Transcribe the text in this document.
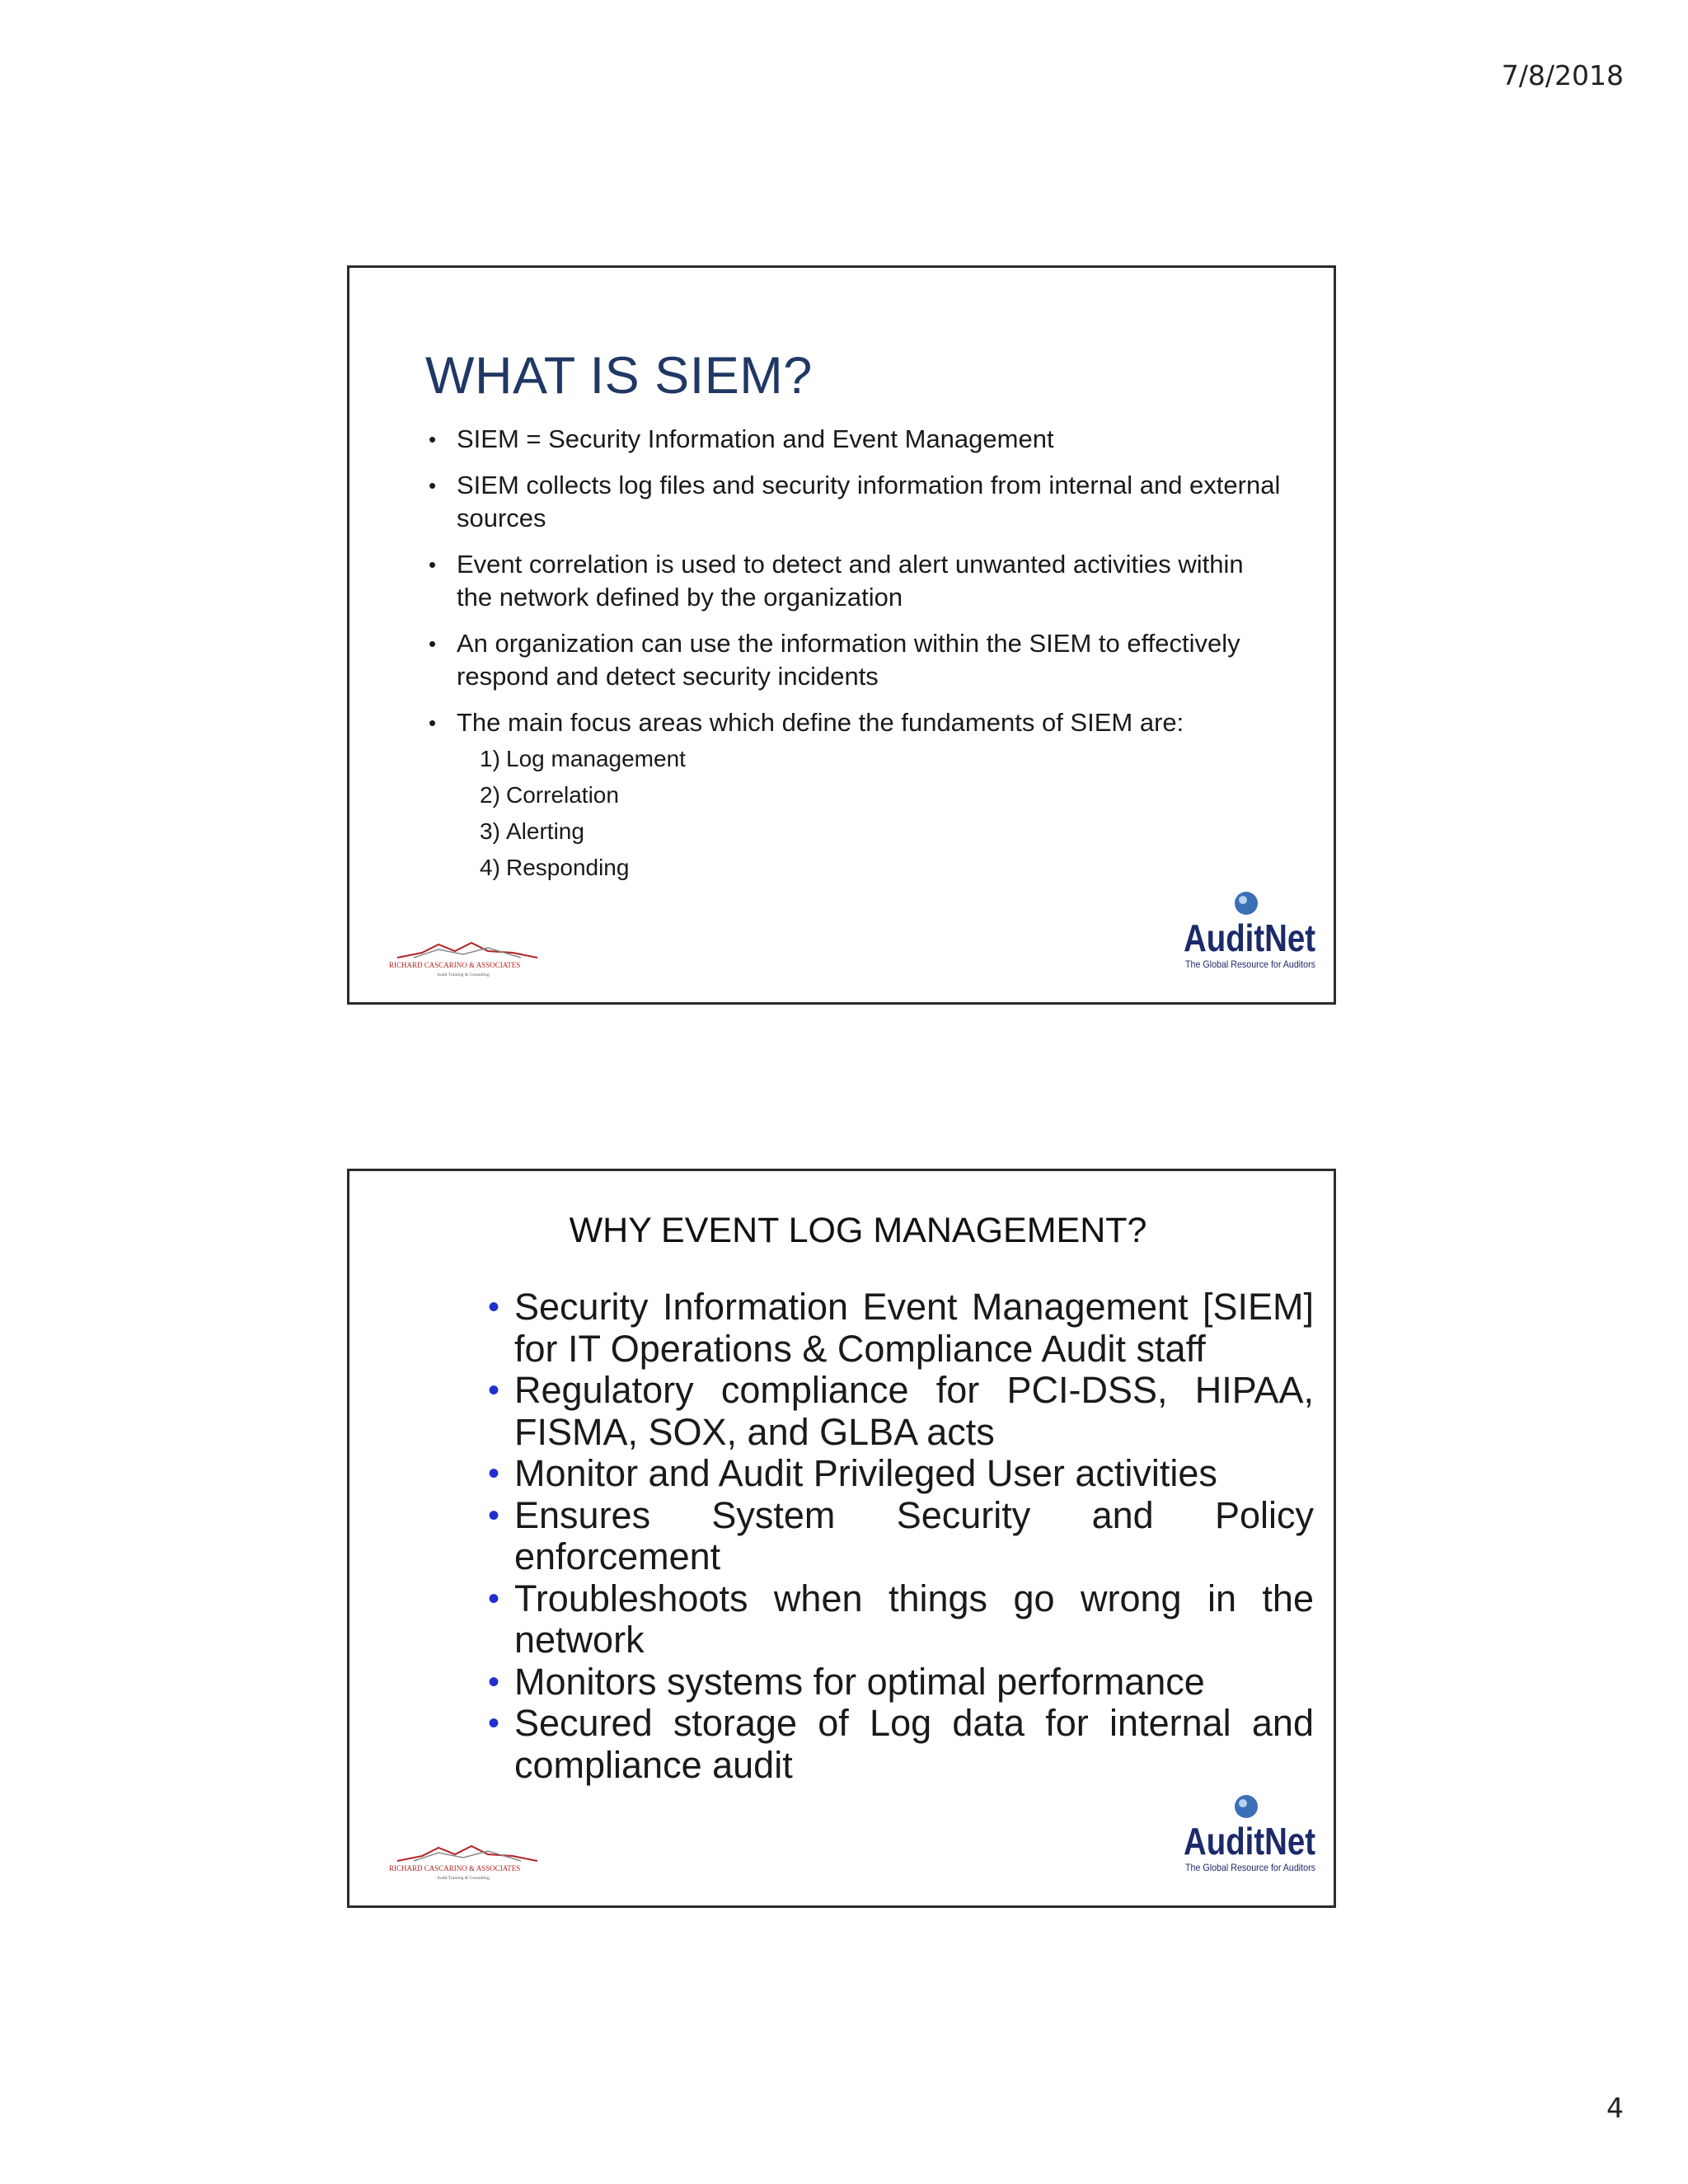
7/8/2018
WHAT IS SIEM?
• SIEM = Security Information and Event Management
• SIEM collects log files and security information from internal and external sources
• Event correlation is used to detect and alert unwanted activities within the network defined by the organization
• An organization can use the information within the SIEM to effectively respond and detect security incidents
• The main focus areas which define the fundaments of SIEM are:
1) Log management
2) Correlation
3) Alerting
4) Responding
RICHARD CASCARINO & ASSOCIATES
Audit Training & Consulting
AuditNet
The Global Resource for Auditors
WHY EVENT LOG MANAGEMENT?
• Security Information Event Management [SIEM] for IT Operations & Compliance Audit staff
• Regulatory compliance for PCI-DSS, HIPAA, FISMA, SOX, and GLBA acts
• Monitor and Audit Privileged User activities
• Ensures System Security and Policy enforcement
• Troubleshoots when things go wrong in the network
• Monitors systems for optimal performance
• Secured storage of Log data for internal and compliance audit
RICHARD CASCARINO & ASSOCIATES
Audit Training & Consulting
AuditNet
The Global Resource for Auditors
4
